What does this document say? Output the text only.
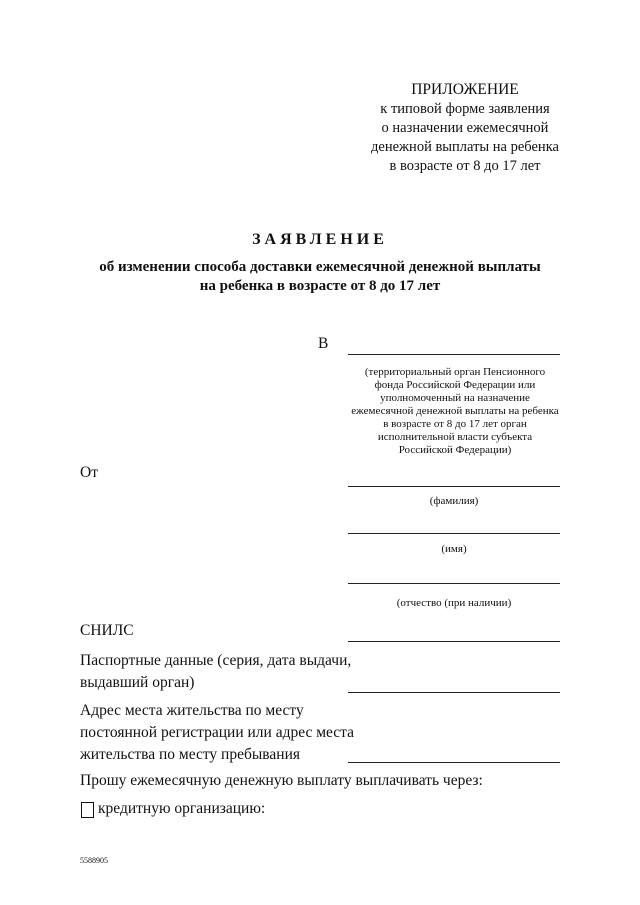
ПРИЛОЖЕНИЕ
к типовой форме заявления
о назначении ежемесячной
денежной выплаты на ребенка
в возрасте от 8 до 17 лет
ЗАЯВЛЕНИЕ
об изменении способа доставки ежемесячной денежной выплаты
на ребенка в возрасте от 8 до 17 лет
В
(территориальный орган Пенсионного
фонда Российской Федерации или
уполномоченный на назначение
ежемесячной денежной выплаты на ребенка
в возрасте от 8 до 17 лет орган
исполнительной власти субъекта
Российской Федерации)
От
(фамилия)
(имя)
(отчество (при наличии)
СНИЛС
Паспортные данные (серия, дата выдачи,
выдавший орган)
Адрес места жительства по месту
постоянной регистрации или адрес места
жительства по месту пребывания
Прошу ежемесячную денежную выплату выплачивать через:
кредитную организацию:
5588905
